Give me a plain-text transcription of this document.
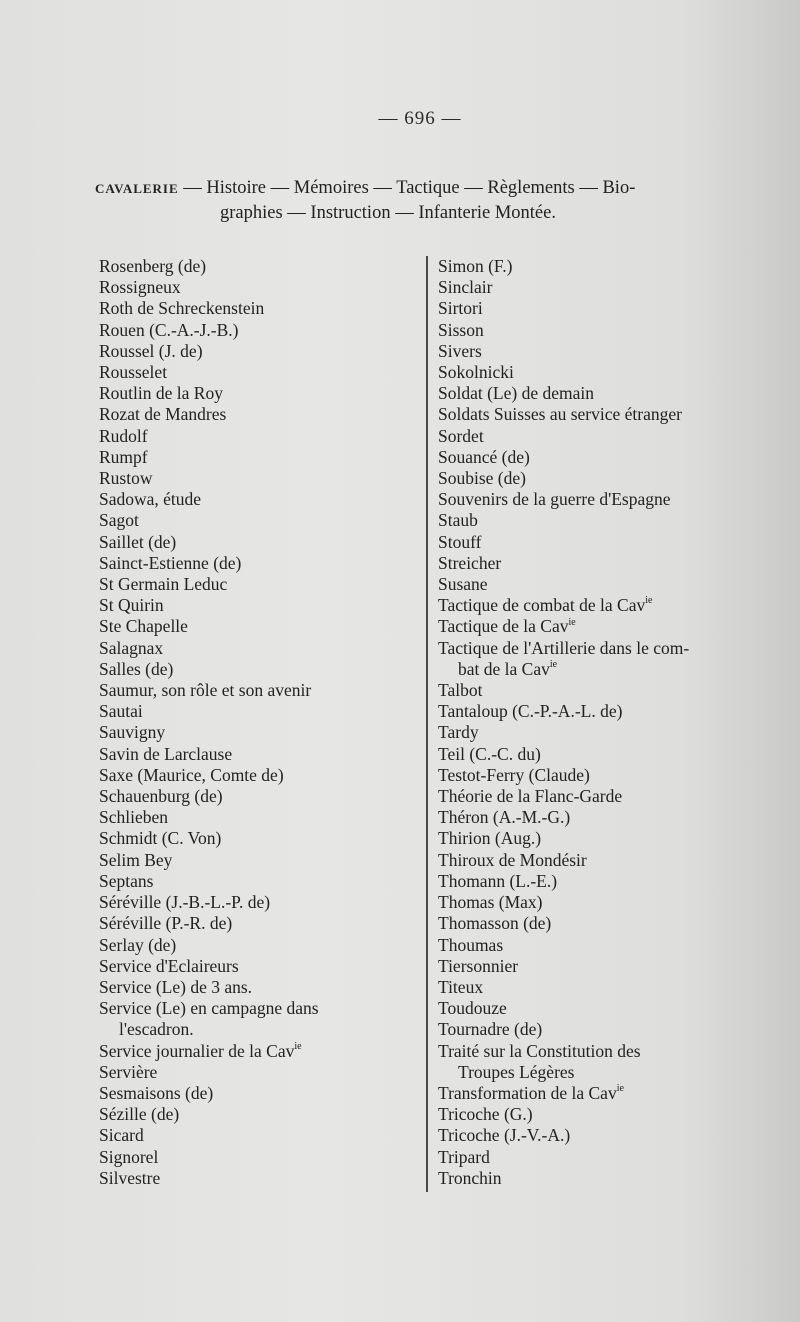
— 696 —
CAVALERIE — Histoire — Mémoires — Tactique — Règlements — Bio-
graphies — Instruction — Infanterie Montée.
Rosenberg (de)
Rossigneux
Roth de Schreckenstein
Rouen (C.-A.-J.-B.)
Roussel (J. de)
Rousselet
Routlin de la Roy
Rozat de Mandres
Rudolf
Rumpf
Rustow
Sadowa, étude
Sagot
Saillet (de)
Sainct-Estienne (de)
St Germain Leduc
St Quirin
Ste Chapelle
Salagnax
Salles (de)
Saumur, son rôle et son avenir
Sautai
Sauvigny
Savin de Larclause
Saxe (Maurice, Comte de)
Schauenburg (de)
Schlieben
Schmidt (C. Von)
Selim Bey
Septans
Séréville (J.-B.-L.-P. de)
Séréville (P.-R. de)
Serlay (de)
Service d'Eclaireurs
Service (Le) de 3 ans.
Service (Le) en campagne dans
l'escadron.
Service journalier de la Cav$^{ie}$
Servière
Sesmaisons (de)
Sézille (de)
Sicard
Signorel
Silvestre
Simon (F.)
Sinclair
Sirtori
Sisson
Sivers
Sokolnicki
Soldat (Le) de demain
Soldats Suisses au service étranger
Sordet
Souancé (de)
Soubise (de)
Souvenirs de la guerre d'Espagne
Staub
Stouff
Streicher
Susane
Tactique de combat de la Cav$^{ie}$
Tactique de la Cav$^{ie}$
Tactique de l'Artillerie dans le com-
bat de la Cav$^{ie}$
Talbot
Tantaloup (C.-P.-A.-L. de)
Tardy
Teil (C.-C. du)
Testot-Ferry (Claude)
Théorie de la Flanc-Garde
Théron (A.-M.-G.)
Thirion (Aug.)
Thiroux de Mondésir
Thomann (L.-E.)
Thomas (Max)
Thomasson (de)
Thoumas
Tiersonnier
Titeux
Toudouze
Tournadre (de)
Traité sur la Constitution des
Troupes Légères
Transformation de la Cav$^{ie}$
Tricoche (G.)
Tricoche (J.-V.-A.)
Tripard
Tronchin
